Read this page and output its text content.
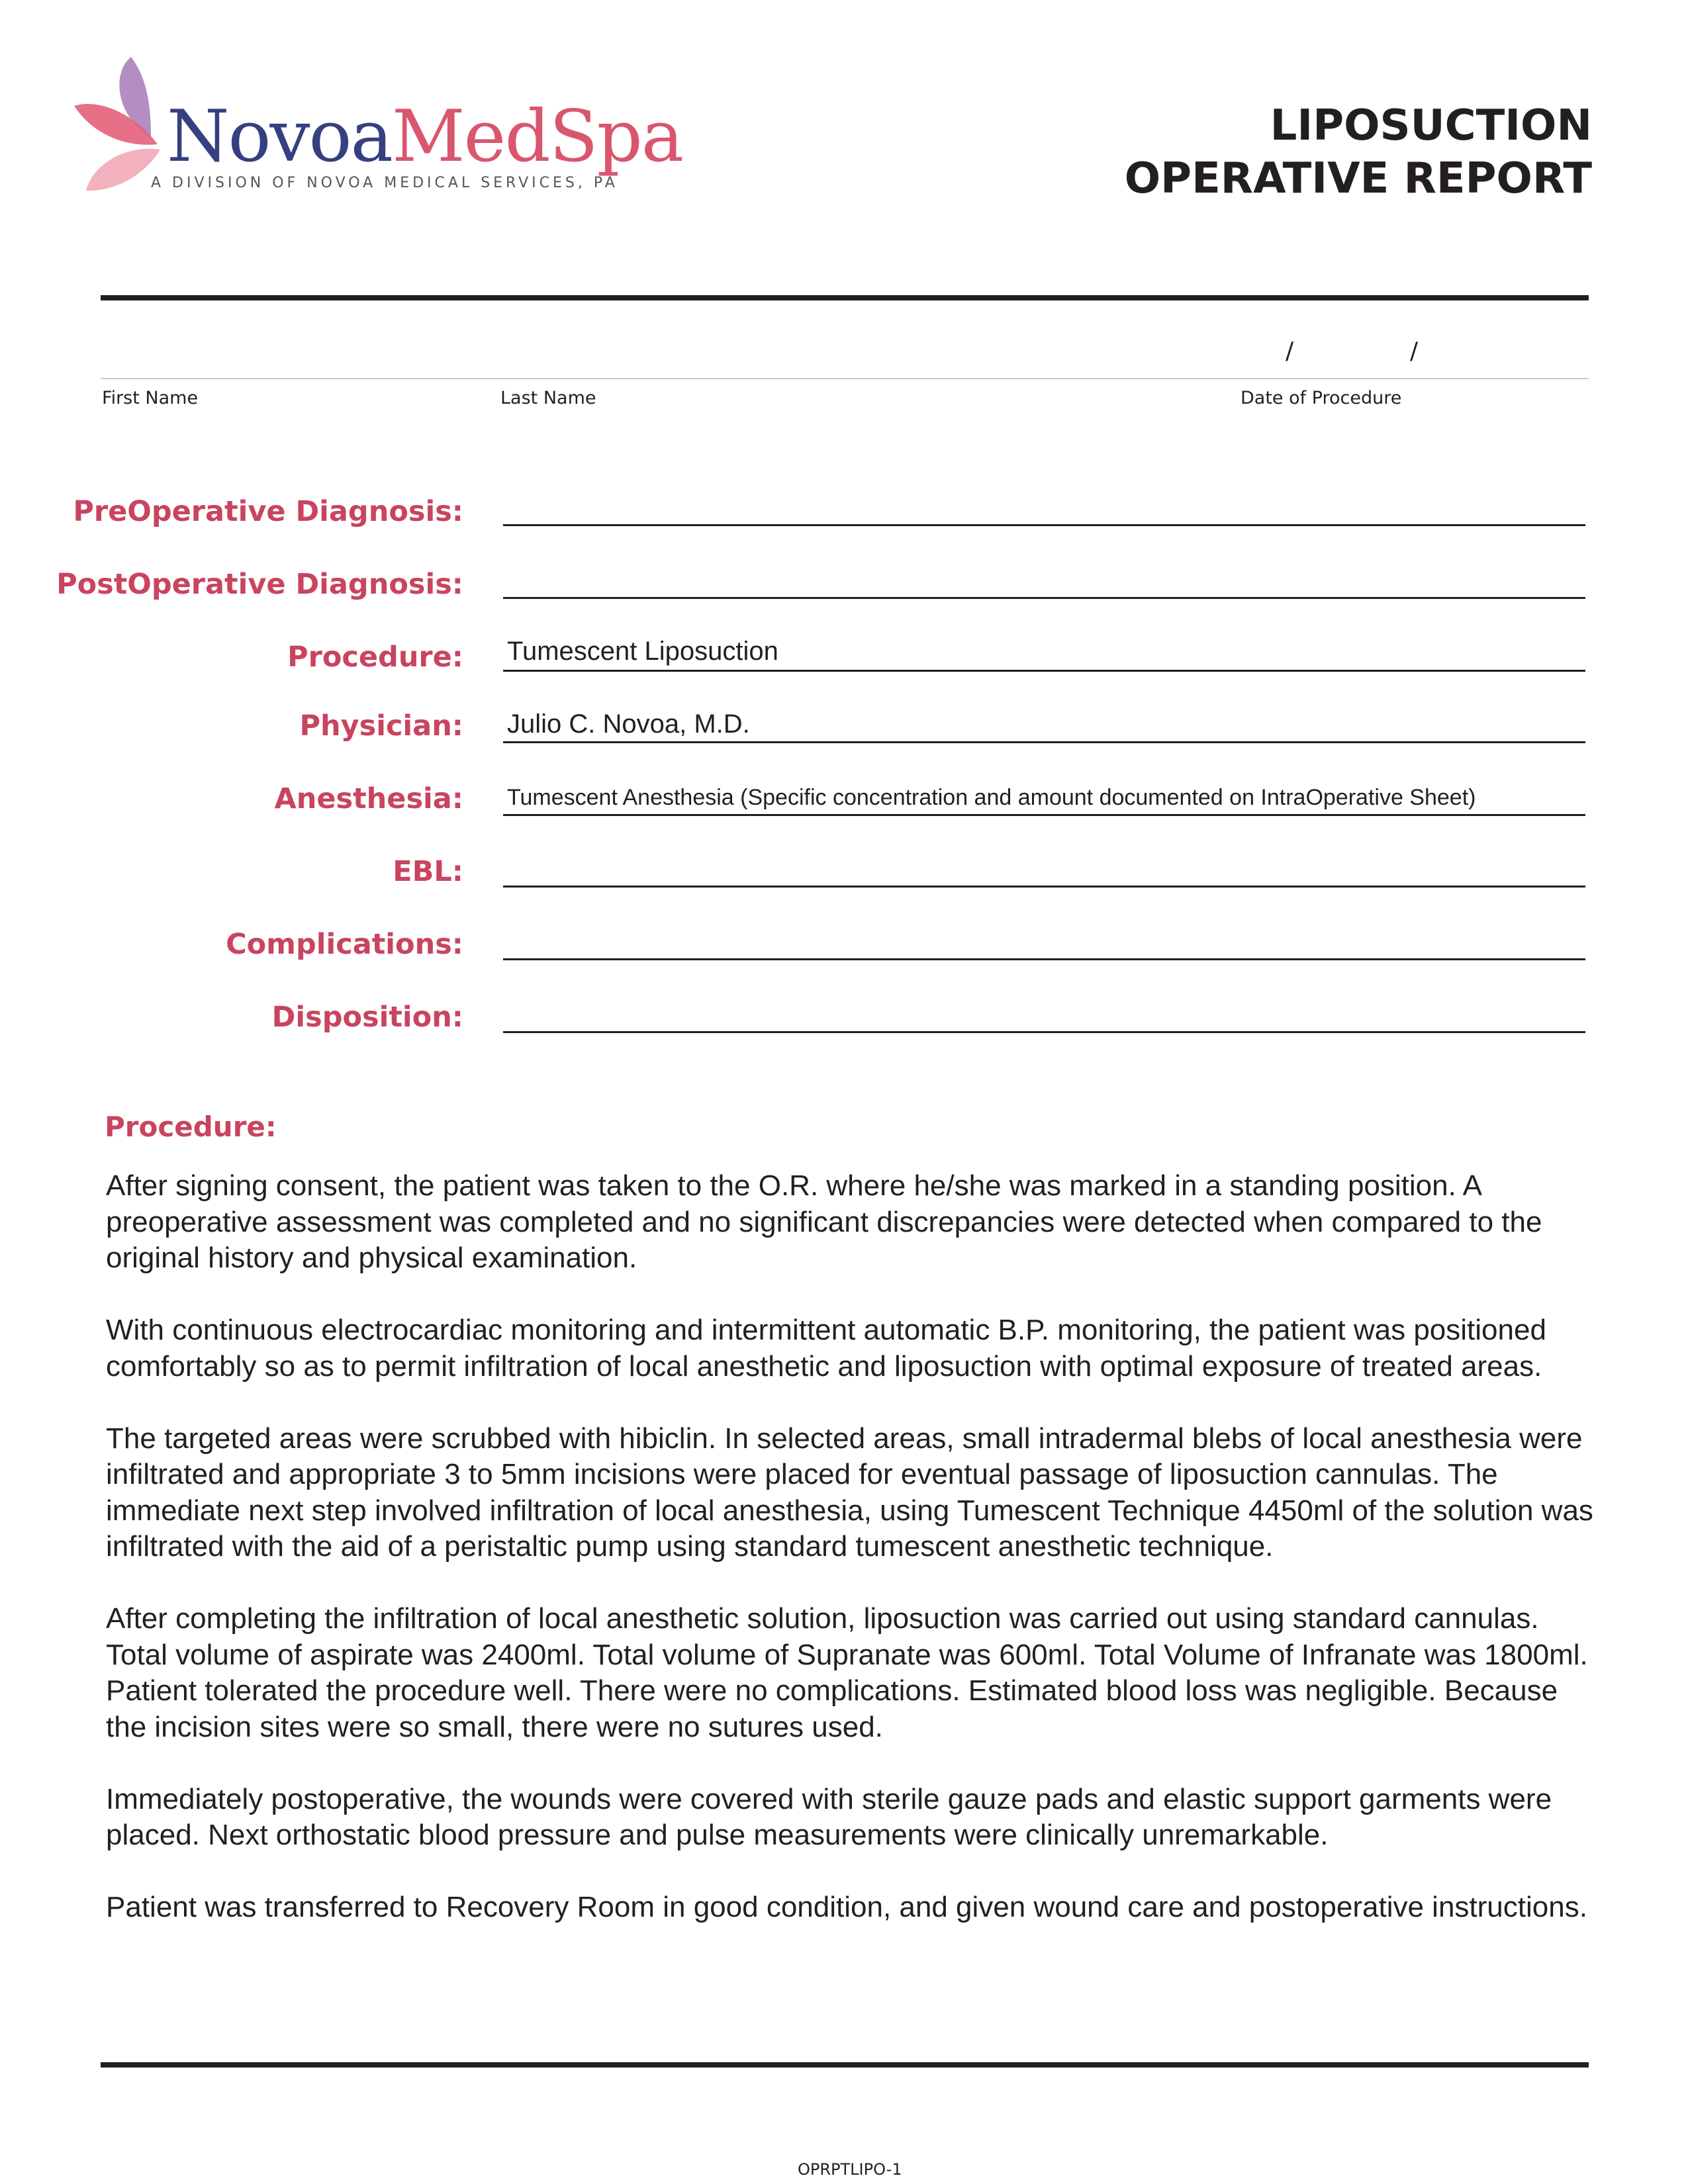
NovoaMedSpa
A DIVISION OF NOVOA MEDICAL SERVICES, PA
LIPOSUCTION
OPERATIVE REPORT
/	/
First Name	Last Name	Date of Procedure
PreOperative Diagnosis:
PostOperative Diagnosis:
Procedure: Tumescent Liposuction
Physician: Julio C. Novoa, M.D.
Anesthesia: Tumescent Anesthesia (Specific concentration and amount documented on IntraOperative Sheet)
EBL:
Complications:
Disposition:
Procedure:

After signing consent, the patient was taken to the O.R. where he/she was marked in a standing position. A preoperative assessment was completed and no significant discrepancies were detected when compared to the original history and physical examination.

With continuous electrocardiac monitoring and intermittent automatic B.P. monitoring, the patient was positioned comfortably so as to permit infiltration of local anesthetic and liposuction with optimal exposure of treated areas.

The targeted areas were scrubbed with hibiclin. In selected areas, small intradermal blebs of local anesthesia were infiltrated and appropriate 3 to 5mm incisions were placed for eventual passage of liposuction cannulas. The immediate next step involved infiltration of local anesthesia, using Tumescent Technique 4450ml of the solution was infiltrated with the aid of a peristaltic pump using standard tumescent anesthetic technique.

After completing the infiltration of local anesthetic solution, liposuction was carried out using standard cannulas. Total volume of aspirate was 2400ml. Total volume of Supranate was 600ml. Total Volume of Infranate was 1800ml. Patient tolerated the procedure well. There were no complications. Estimated blood loss was negligible. Because the incision sites were so small, there were no sutures used.

Immediately postoperative, the wounds were covered with sterile gauze pads and elastic support garments were placed. Next orthostatic blood pressure and pulse measurements were clinically unremarkable.

Patient was transferred to Recovery Room in good condition, and given wound care and postoperative instructions.

OPRPTLIPO-1
